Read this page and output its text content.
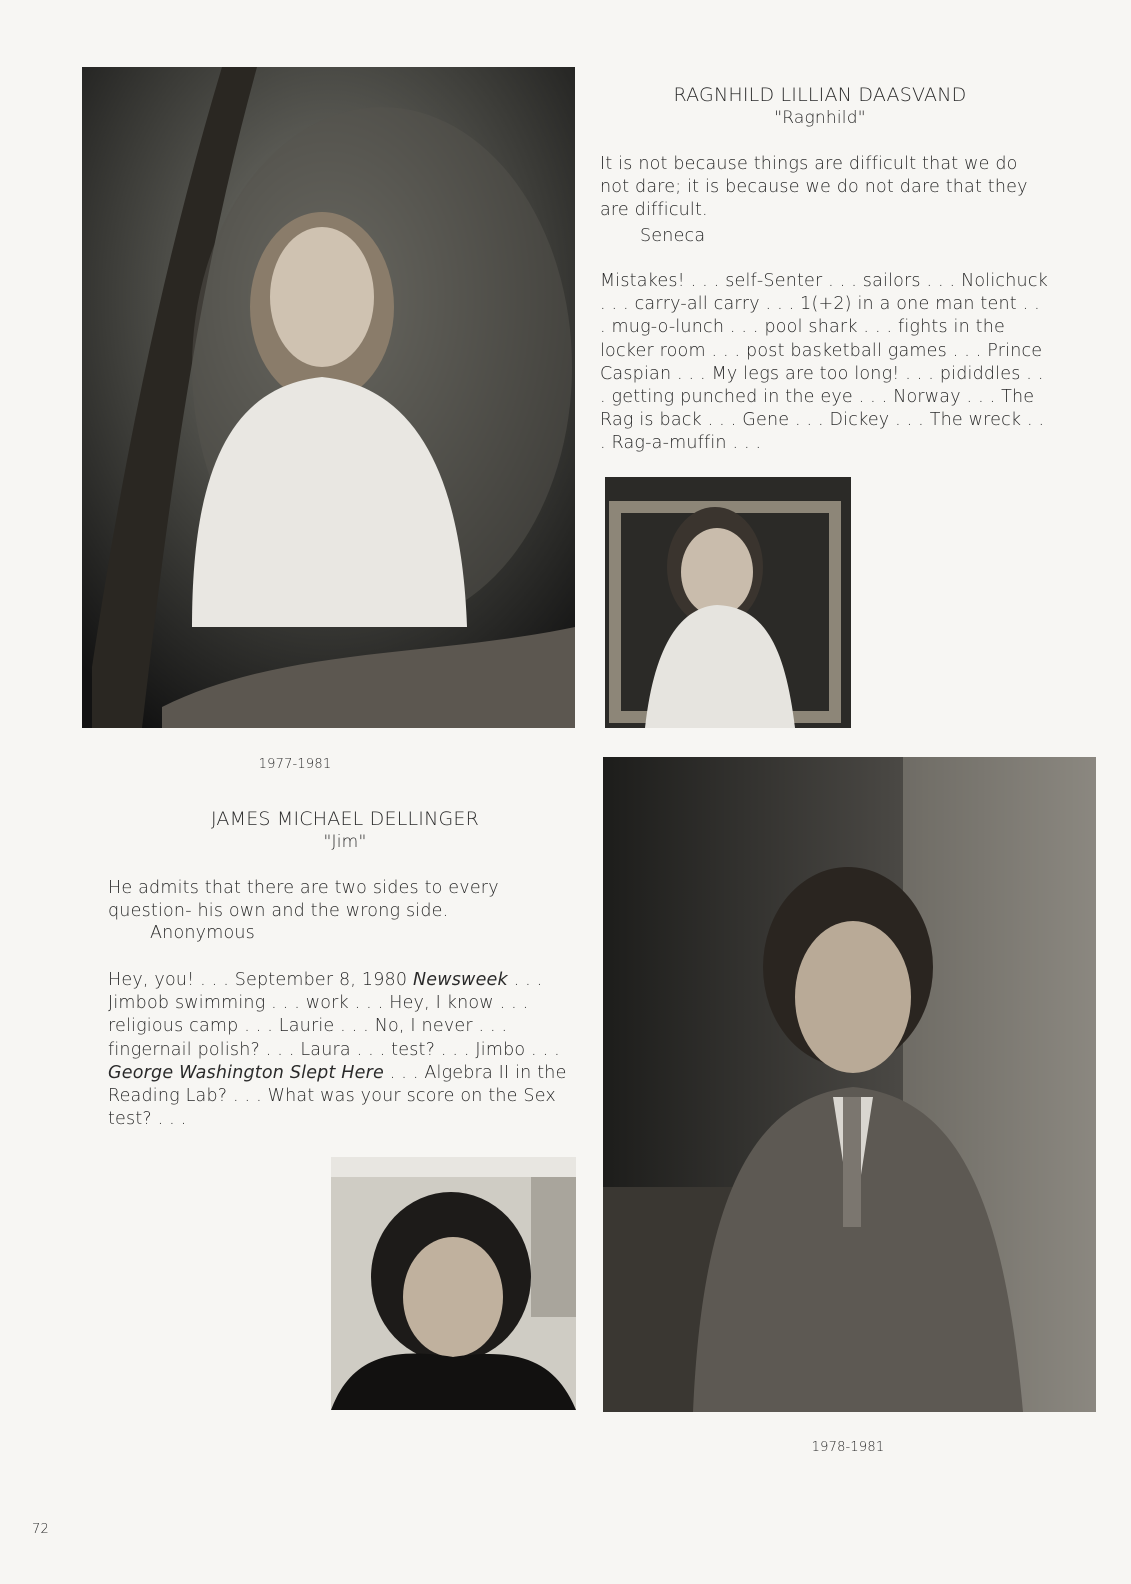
RAGNHILD LILLIAN DAASVAND
"Ragnhild"
It is not because things are difficult that we do not dare; it is because we do not dare that they are difficult.
Seneca
Mistakes! . . . self-Senter . . . sailors . . . Nolichuck . . . carry-all carry . . . 1(+2) in a one man tent . . . mug-o-lunch . . . pool shark . . . fights in the locker room . . . post basketball games . . . Prince Caspian . . . My legs are too long! . . . pididdles . . . getting punched in the eye . . . Norway . . . The Rag is back . . . Gene . . . Dickey . . . The wreck . . . Rag-a-muffin . . .
1977-1981
JAMES MICHAEL DELLINGER
"Jim"
He admits that there are two sides to every question- his own and the wrong side.
Anonymous
Hey, you! . . . September 8, 1980 Newsweek . . . Jimbob swimming . . . work . . . Hey, I know . . . religious camp . . . Laurie . . . No, I never . . . fingernail polish? . . . Laura . . . test? . . . Jimbo . . . George Washington Slept Here . . . Algebra II in the Reading Lab? . . . What was your score on the Sex test? . . .
1978-1981
72
